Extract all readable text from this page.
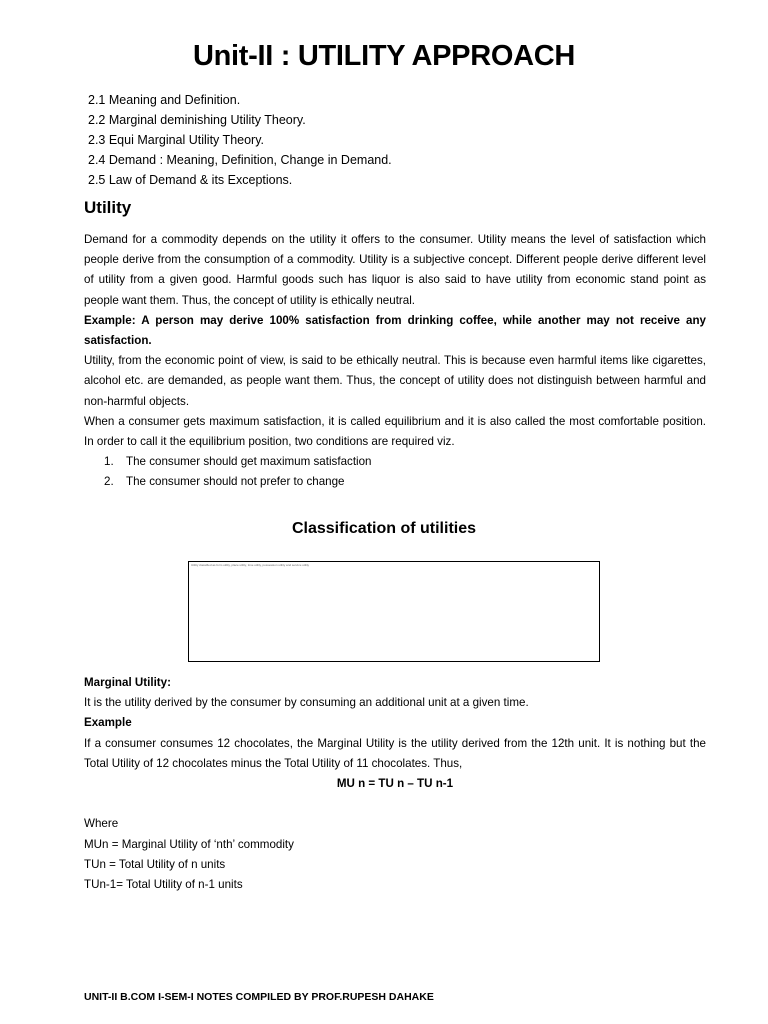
Unit-II : UTILITY APPROACH
2.1 Meaning and Definition.
2.2 Marginal deminishing Utility Theory.
2.3 Equi Marginal Utility Theory.
2.4 Demand : Meaning, Definition, Change in Demand.
2.5 Law of Demand & its Exceptions.
Utility

Demand for a commodity depends on the utility it offers to the consumer. Utility means the level of satisfaction which people derive from the consumption of a commodity. Utility is a subjective concept. Different people derive different level of utility from a given good. Harmful goods such has liquor is also said to have utility from economic stand point as people want them. Thus, the concept of utility is ethically neutral.

Example: A person may derive 100% satisfaction from drinking coffee, while another may not receive any satisfaction.

Utility, from the economic point of view, is said to be ethically neutral. This is because even harmful items like cigarettes, alcohol etc. are demanded, as people want them. Thus, the concept of utility does not distinguish between harmful and non-harmful objects.

When a consumer gets maximum satisfaction, it is called equilibrium and it is also called the most comfortable position. In order to call it the equilibrium position, two conditions are required viz.

1. The consumer should get maximum satisfaction
2. The consumer should not prefer to change
Classification of utilities
Utility classified as form utility, place utility, time utility, possession utility and service utility

Marginal Utility:

It is the utility derived by the consumer by consuming an additional unit at a given time.

Example

If a consumer consumes 12 chocolates, the Marginal Utility is the utility derived from the 12th unit. It is nothing but the Total Utility of 12 chocolates minus the Total Utility of 11 chocolates. Thus,

MU n = TU n – TU n-1

Where

MUn = Marginal Utility of ‘nth’ commodity

TUn = Total Utility of n units

TUn-1= Total Utility of n-1 units

UNIT-II B.COM I-SEM-I NOTES COMPILED BY PROF.RUPESH DAHAKE
